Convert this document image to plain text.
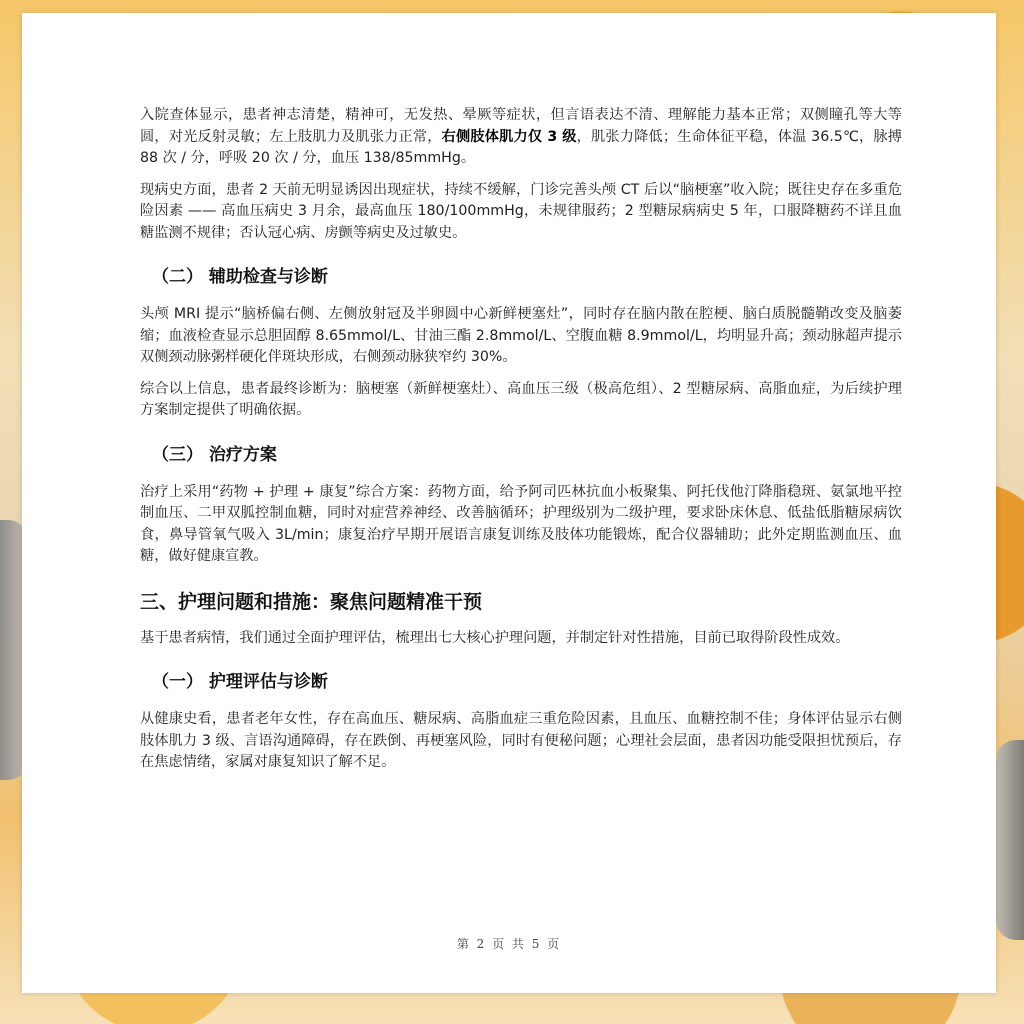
入院查体显示，患者神志清楚，精神可，无发热、晕厥等症状，但言语表达不清、理解能力基本正常；双侧瞳孔等大等圆，对光反射灵敏；左上肢肌力及肌张力正常，右侧肢体肌力仅 3 级，肌张力降低；生命体征平稳，体温 36.5℃，脉搏 88 次 / 分，呼吸 20 次 / 分，血压 138/85mmHg。

现病史方面，患者 2 天前无明显诱因出现症状，持续不缓解，门诊完善头颅 CT 后以“脑梗塞”收入院；既往史存在多重危险因素 —— 高血压病史 3 月余，最高血压 180/100mmHg，未规律服药；2 型糖尿病病史 5 年，口服降糖药不详且血糖监测不规律；否认冠心病、房颤等病史及过敏史。

（二） 辅助检查与诊断

头颅 MRI 提示“脑桥偏右侧、左侧放射冠及半卵圆中心新鲜梗塞灶”，同时存在脑内散在腔梗、脑白质脱髓鞘改变及脑萎缩；血液检查显示总胆固醇 8.65mmol/L、甘油三酯 2.8mmol/L、空腹血糖 8.9mmol/L，均明显升高；颈动脉超声提示双侧颈动脉粥样硬化伴斑块形成，右侧颈动脉狭窄约 30%。

综合以上信息，患者最终诊断为：脑梗塞（新鲜梗塞灶）、高血压三级（极高危组）、2 型糖尿病、高脂血症，为后续护理方案制定提供了明确依据。

（三） 治疗方案

治疗上采用“药物 + 护理 + 康复”综合方案：药物方面，给予阿司匹林抗血小板聚集、阿托伐他汀降脂稳斑、氨氯地平控制血压、二甲双胍控制血糖，同时对症营养神经、改善脑循环；护理级别为二级护理，要求卧床休息、低盐低脂糖尿病饮食，鼻导管氧气吸入 3L/min；康复治疗早期开展语言康复训练及肢体功能锻炼，配合仪器辅助；此外定期监测血压、血糖，做好健康宣教。

三、护理问题和措施：聚焦问题精准干预

基于患者病情，我们通过全面护理评估，梳理出七大核心护理问题，并制定针对性措施，目前已取得阶段性成效。

（一） 护理评估与诊断

从健康史看，患者老年女性，存在高血压、糖尿病、高脂血症三重危险因素，且血压、血糖控制不佳；身体评估显示右侧肢体肌力 3 级、言语沟通障碍，存在跌倒、再梗塞风险，同时有便秘问题；心理社会层面，患者因功能受限担忧预后，存在焦虑情绪，家属对康复知识了解不足。

第 2 页 共 5 页
